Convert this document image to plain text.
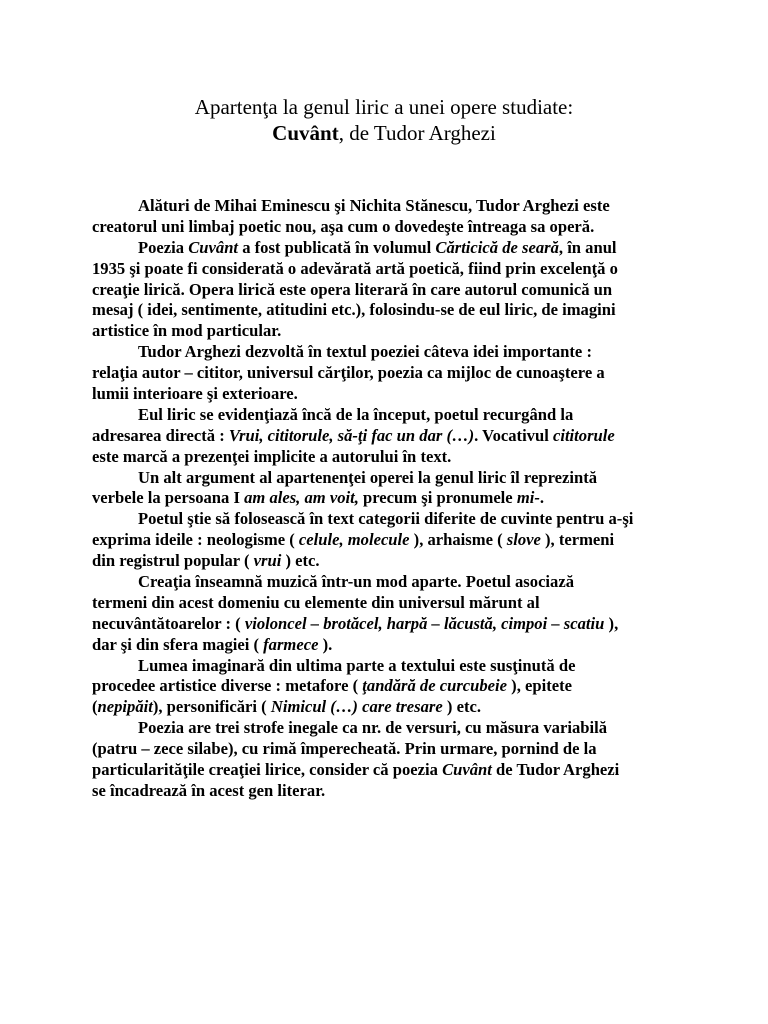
Apartenţa la genul liric a unei opere studiate:
Cuvânt, de Tudor Arghezi
Alături de Mihai Eminescu şi Nichita Stănescu, Tudor Arghezi este
creatorul uni limbaj poetic nou, aşa cum o dovedeşte întreaga sa operă.
Poezia Cuvânt a fost publicată în volumul Cărticică de seară, în anul
1935 şi poate fi considerată o adevărată artă poetică, fiind prin excelenţă o
creaţie lirică. Opera lirică este opera literară în care autorul comunică un
mesaj ( idei, sentimente, atitudini etc.), folosindu-se de eul liric, de imagini
artistice în mod particular.
Tudor Arghezi dezvoltă în textul poeziei câteva idei importante :
relaţia autor – cititor, universul cărţilor, poezia ca mijloc de cunoaştere a
lumii interioare şi exterioare.
Eul liric se evidenţiază încă de la început, poetul recurgând la
adresarea directă : Vrui, cititorule, să-ţi fac un dar (…). Vocativul cititorule
este marcă a prezenţei implicite a autorului în text.
Un alt argument al apartenenţei operei la genul liric îl reprezintă
verbele la persoana I am ales, am voit, precum şi pronumele mi-.
Poetul ştie să folosească în text categorii diferite de cuvinte pentru a-şi
exprima ideile : neologisme ( celule, molecule ), arhaisme ( slove ), termeni
din registrul popular ( vrui ) etc.
Creaţia înseamnă muzică într-un mod aparte. Poetul asociază
termeni din acest domeniu cu elemente din universul mărunt al
necuvântătoarelor : ( violoncel – brotăcel, harpă – lăcustă, cimpoi – scatiu ),
dar şi din sfera magiei ( farmece ).
Lumea imaginară din ultima parte a textului este susţinută de
procedee artistice diverse : metafore ( ţandără de curcubeie ), epitete
(nepipăit), personificări ( Nimicul (…) care tresare ) etc.
Poezia are trei strofe inegale ca nr. de versuri, cu măsura variabilă
(patru – zece silabe), cu rimă împerecheată. Prin urmare, pornind de la
particularităţile creaţiei lirice, consider că poezia Cuvânt de Tudor Arghezi
se încadrează în acest gen literar.
